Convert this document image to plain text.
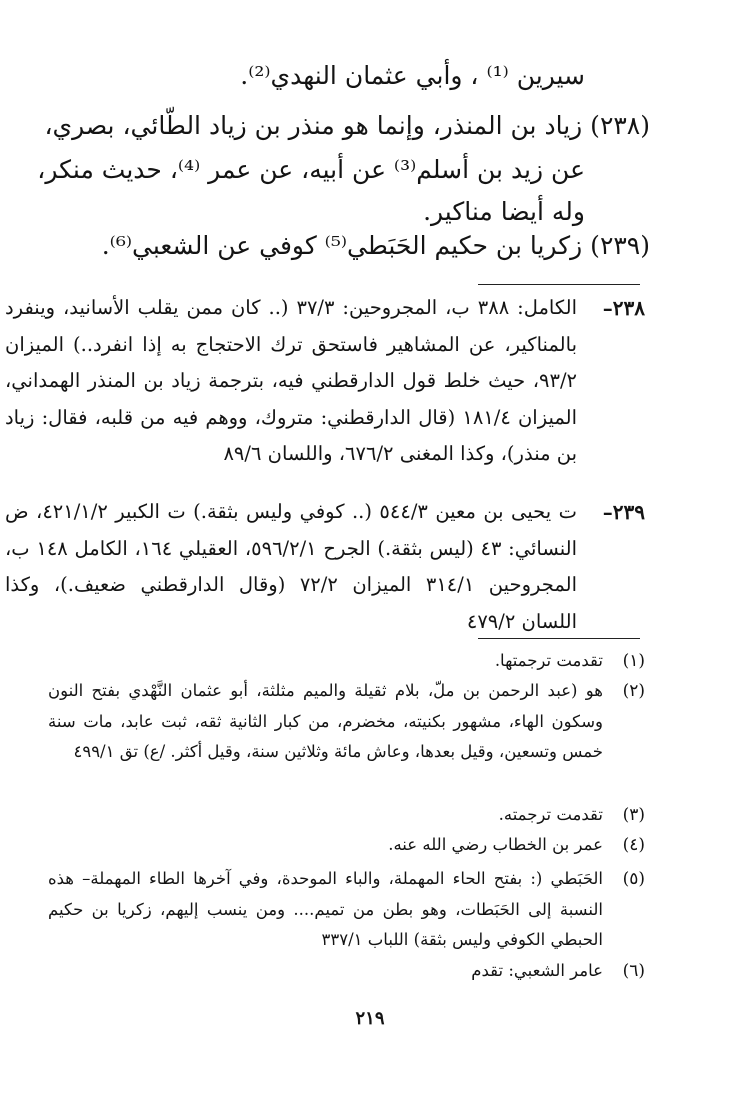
سيرين ⁽¹⁾ ، وأبي عثمان النهدي⁽²⁾.
(٢٣٨) زياد بن المنذر، وإنما هو منذر بن زياد الطّائي، بصري،
عن زيد بن أسلم⁽³⁾ عن أبيه، عن عمر ⁽⁴⁾، حديث منكر،
وله أيضا مناكير.
(٢٣٩) زكريا بن حكيم الحَبَطي⁽⁵⁾ كوفي عن الشعبي⁽⁶⁾.
٢٣٨–
الكامل: ٣٨٨ ب، المجروحين: ٣٧/٣ (.. كان ممن يقلب الأسانيد، وينفرد بالمناكير، عن المشاهير فاستحق ترك الاحتجاج به إذا انفرد..) الميزان ٩٣/٢، حيث خلط قول الدارقطني فيه، بترجمة زياد بن المنذر الهمداني، الميزان ١٨١/٤ (قال الدارقطني: متروك، ووهم فيه من قلبه، فقال: زياد بن منذر)، وكذا المغنى ٦٧٦/٢، واللسان ٨٩/٦
٢٣٩–
ت يحيى بن معين ٥٤٤/٣ (.. كوفي وليس بثقة.) ت الكبير ٤٢١/١/٢، ض النسائي: ٤٣ (ليس بثقة.) الجرح ٥٩٦/٢/١، العقيلي ١٦٤، الكامل ١٤٨ ب، المجروحين ٣١٤/١ الميزان ٧٢/٢ (وقال الدارقطني ضعيف.)، وكذا اللسان ٤٧٩/٢
(١)
تقدمت ترجمتها.
(٢)
هو (عبد الرحمن بن ملّ، بلام ثقيلة والميم مثلثة، أبو عثمان النَّهْدي بفتح النون وسكون الهاء، مشهور بكنيته، مخضرم، من كبار الثانية ثقه، ثبت عابد، مات سنة خمس وتسعين، وقيل بعدها، وعاش مائة وثلاثين سنة، وقيل أكثر. /ع) تق ٤٩٩/١
(٣)
تقدمت ترجمته.
(٤)
عمر بن الخطاب رضي الله عنه.
(٥)
الحَبَطي (: بفتح الحاء المهملة، والباء الموحدة، وفي آخرها الطاء المهملة– هذه النسبة إلى الحَبَطات، وهو بطن من تميم.... ومن ينسب إليهم، زكريا بن حكيم الحبطي الكوفي وليس بثقة) اللباب ٣٣٧/١
(٦)
عامر الشعبي: تقدم
٢١٩
